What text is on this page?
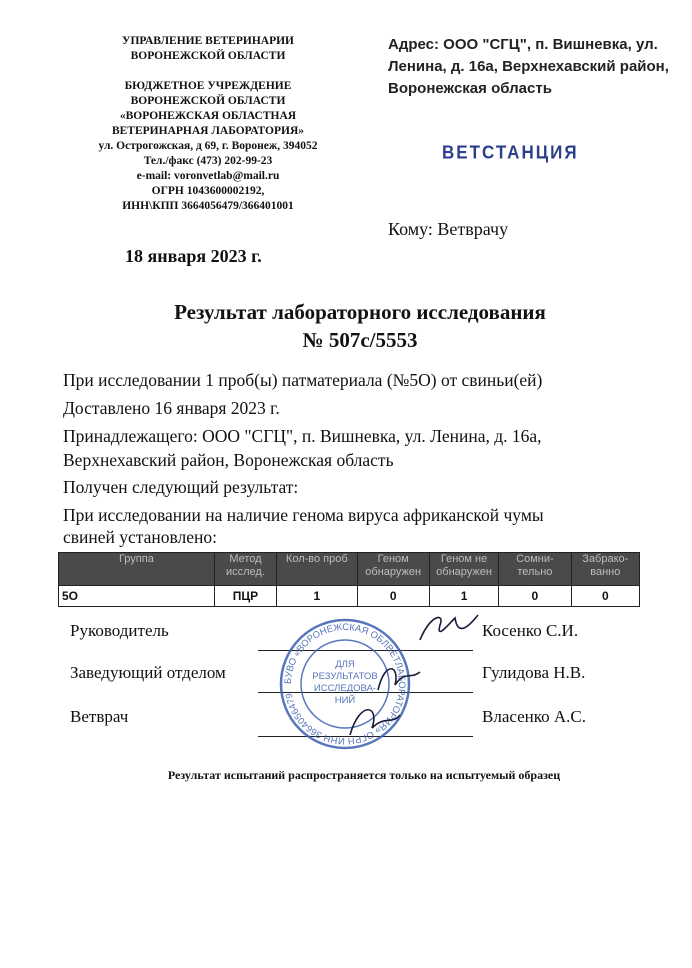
УПРАВЛЕНИЕ ВЕТЕРИНАРИИ
ВОРОНЕЖСКОЙ ОБЛАСТИ
БЮДЖЕТНОЕ УЧРЕЖДЕНИЕ
ВОРОНЕЖСКОЙ ОБЛАСТИ
«ВОРОНЕЖСКАЯ ОБЛАСТНАЯ
ВЕТЕРИНАРНАЯ ЛАБОРАТОРИЯ»
ул. Острогожская, д 69, г. Воронеж, 394052
Тел./факс (473) 202-99-23
e-mail: voronvetlab@mail.ru
ОГРН 1043600002192,
ИНН\КПП 3664056479/366401001
Адрес: ООО "СГЦ", п. Вишневка, ул. Ленина, д. 16а, Верхнехавский район, Воронежская область
ВЕТСТАНЦИЯ
Кому: Ветврачу
18 января 2023 г.
Результат лабораторного исследования
№ 507с/5553
При исследовании 1 проб(ы) патматериала (№5О) от свиньи(ей)
Доставлено 16 января 2023 г.
Принадлежащего: ООО "СГЦ", п. Вишневка, ул. Ленина, д. 16а,
Верхнехавский район, Воронежская область
Получен следующий результат:
При исследовании на наличие генома вируса африканской чумы
свиней установлено:
Группа	Метод исслед.	Кол-во проб	Геном обнаружен	Геном не обнаружен	Сомни-тельно	Забрако-ванно
5О	ПЦР	1	0	1	0	0
Руководитель	Косенко С.И.
Заведующий отделом	Гулидова Н.В.
Ветврач	Власенко А.С.
БУВО «ВОРОНЕЖСКАЯ ОБЛВЕТЛАБОРАТОРИЯ» ОГРН ИНН 3664056479
ДЛЯ
РЕЗУЛЬТАТОВ
ИССЛЕДОВА-
НИЙ
Результат испытаний распространяется только на испытуемый образец
